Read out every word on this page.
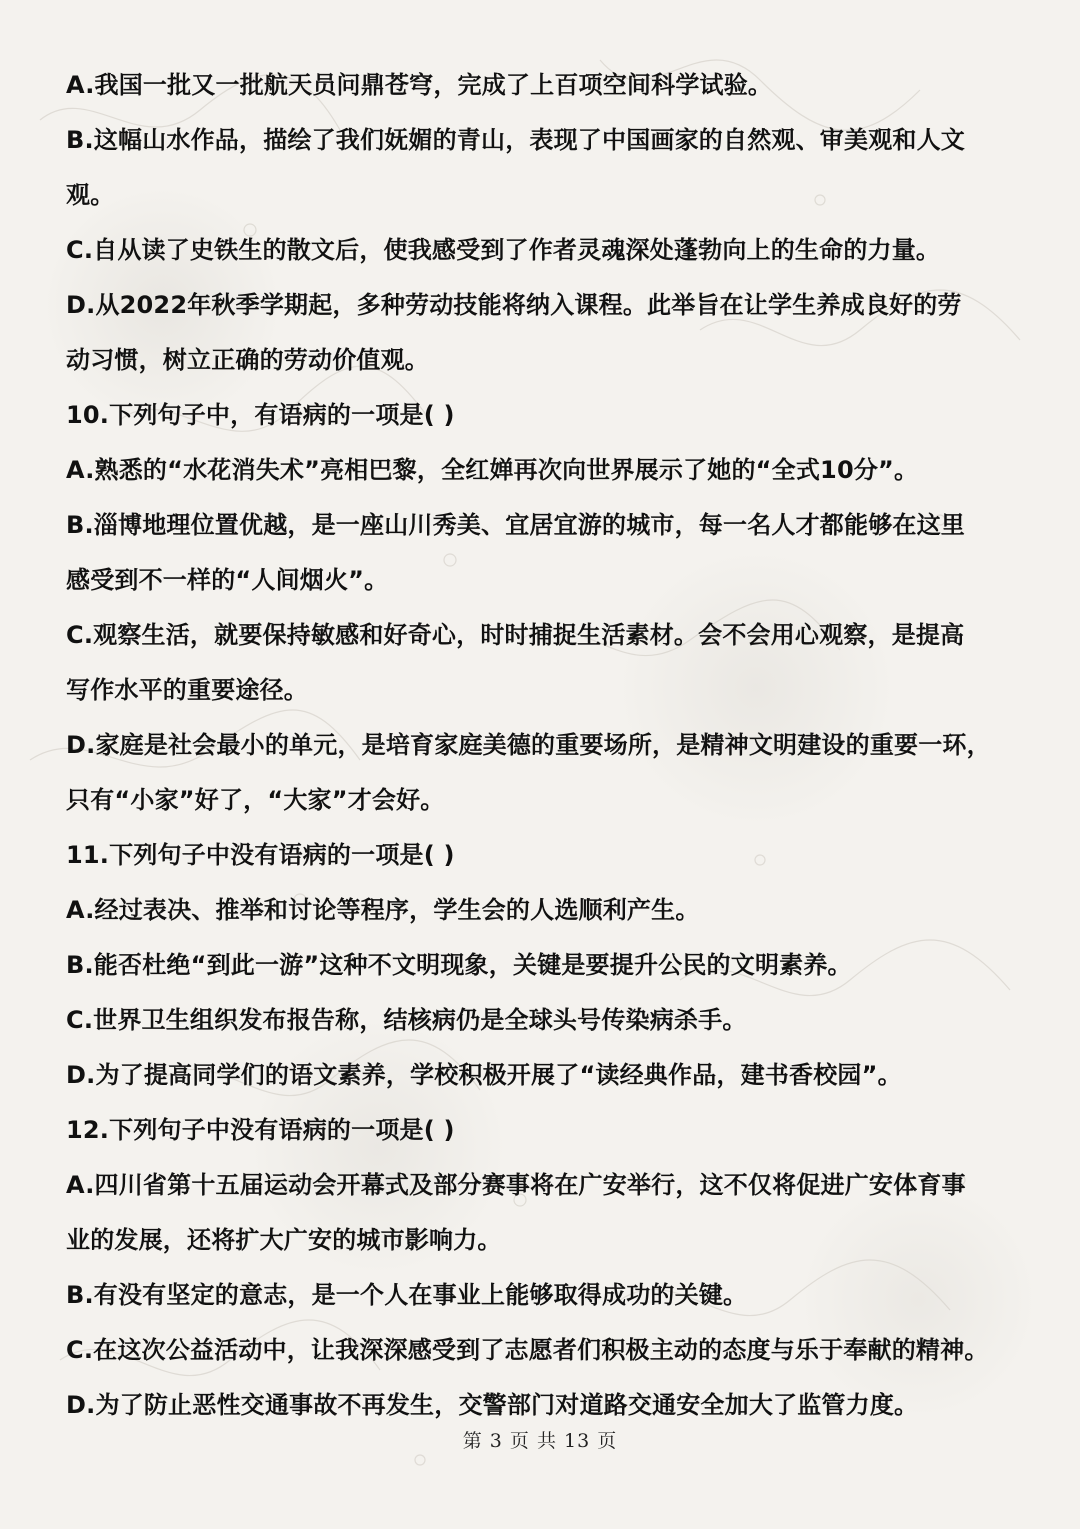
A.我国一批又一批航天员问鼎苍穹，完成了上百项空间科学试验。
B.这幅山水作品，描绘了我们妩媚的青山，表现了中国画家的自然观、审美观和人文
观。
C.自从读了史铁生的散文后，使我感受到了作者灵魂深处蓬勃向上的生命的力量。
D.从2022年秋季学期起，多种劳动技能将纳入课程。此举旨在让学生养成良好的劳
动习惯，树立正确的劳动价值观。
10.下列句子中，有语病的一项是( )
A.熟悉的“水花消失术”亮相巴黎，全红婵再次向世界展示了她的“全式10分”。
B.淄博地理位置优越，是一座山川秀美、宜居宜游的城市，每一名人才都能够在这里
感受到不一样的“人间烟火”。
C.观察生活，就要保持敏感和好奇心，时时捕捉生活素材。会不会用心观察，是提高
写作水平的重要途径。
D.家庭是社会最小的单元，是培育家庭美德的重要场所，是精神文明建设的重要一环，
只有“小家”好了，“大家”才会好。
11.下列句子中没有语病的一项是( )
A.经过表决、推举和讨论等程序，学生会的人选顺利产生。
B.能否杜绝“到此一游”这种不文明现象，关键是要提升公民的文明素养。
C.世界卫生组织发布报告称，结核病仍是全球头号传染病杀手。
D.为了提高同学们的语文素养，学校积极开展了“读经典作品，建书香校园”。
12.下列句子中没有语病的一项是( )
A.四川省第十五届运动会开幕式及部分赛事将在广安举行，这不仅将促进广安体育事
业的发展，还将扩大广安的城市影响力。
B.有没有坚定的意志，是一个人在事业上能够取得成功的关键。
C.在这次公益活动中，让我深深感受到了志愿者们积极主动的态度与乐于奉献的精神。
D.为了防止恶性交通事故不再发生，交警部门对道路交通安全加大了监管力度。
第 3 页 共 13 页
